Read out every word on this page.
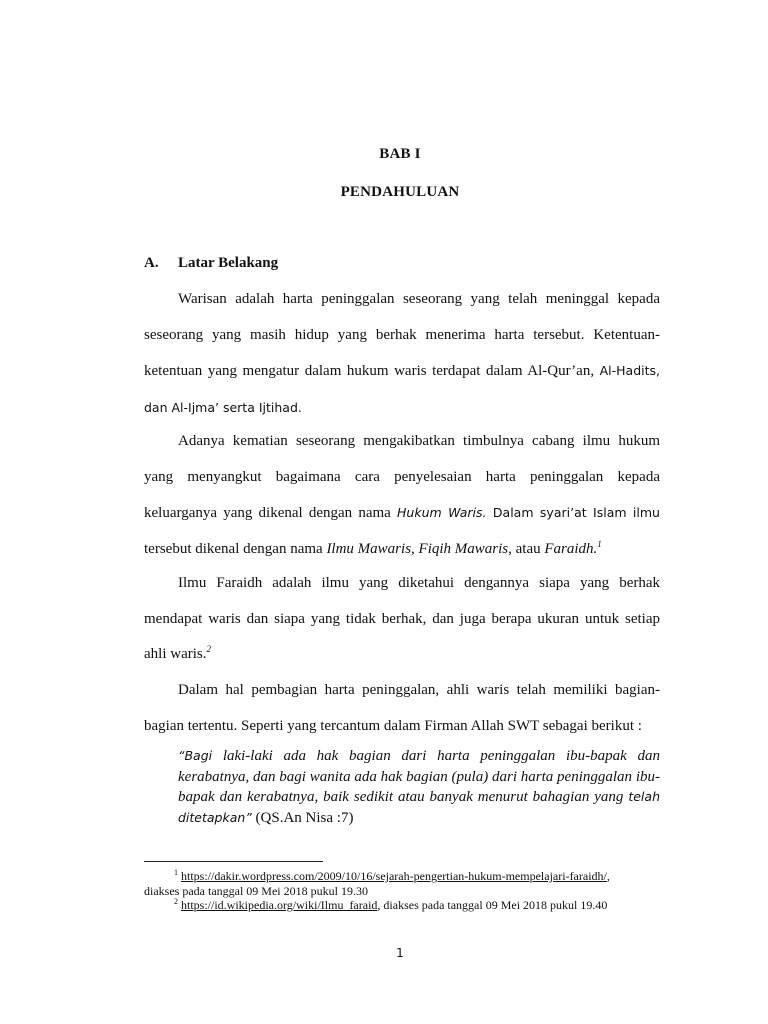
BAB I
PENDAHULUAN
A. Latar Belakang

Warisan adalah harta peninggalan seseorang yang telah meninggal kepada seseorang yang masih hidup yang berhak menerima harta tersebut. Ketentuan-ketentuan yang mengatur dalam hukum waris terdapat dalam Al-Qur’an, Al-Hadits, dan Al-Ijma’ serta Ijtihad.

Adanya kematian seseorang mengakibatkan timbulnya cabang ilmu hukum yang menyangkut bagaimana cara penyelesaian harta peninggalan kepada keluarganya yang dikenal dengan nama Hukum Waris. Dalam syari’at Islam ilmu tersebut dikenal dengan nama Ilmu Mawaris, Fiqih Mawaris, atau Faraidh.$^1$

Ilmu Faraidh adalah ilmu yang diketahui dengannya siapa yang berhak mendapat waris dan siapa yang tidak berhak, dan juga berapa ukuran untuk setiap ahli waris.$^2$

Dalam hal pembagian harta peninggalan, ahli waris telah memiliki bagian-bagian tertentu. Seperti yang tercantum dalam Firman Allah SWT sebagai berikut :

“Bagi laki-laki ada hak bagian dari harta peninggalan ibu-bapak dan kerabatnya, dan bagi wanita ada hak bagian (pula) dari harta peninggalan ibu-bapak dan kerabatnya, baik sedikit atau banyak menurut bahagian yang telah ditetapkan” (QS.An Nisa :7)

$^1$ https://dakir.wordpress.com/2009/10/16/sejarah-pengertian-hukum-mempelajari-faraidh/,
diakses pada tanggal 09 Mei 2018 pukul 19.30

$^2$ https://id.wikipedia.org/wiki/Ilmu_faraid, diakses pada tanggal 09 Mei 2018 pukul 19.40

1
